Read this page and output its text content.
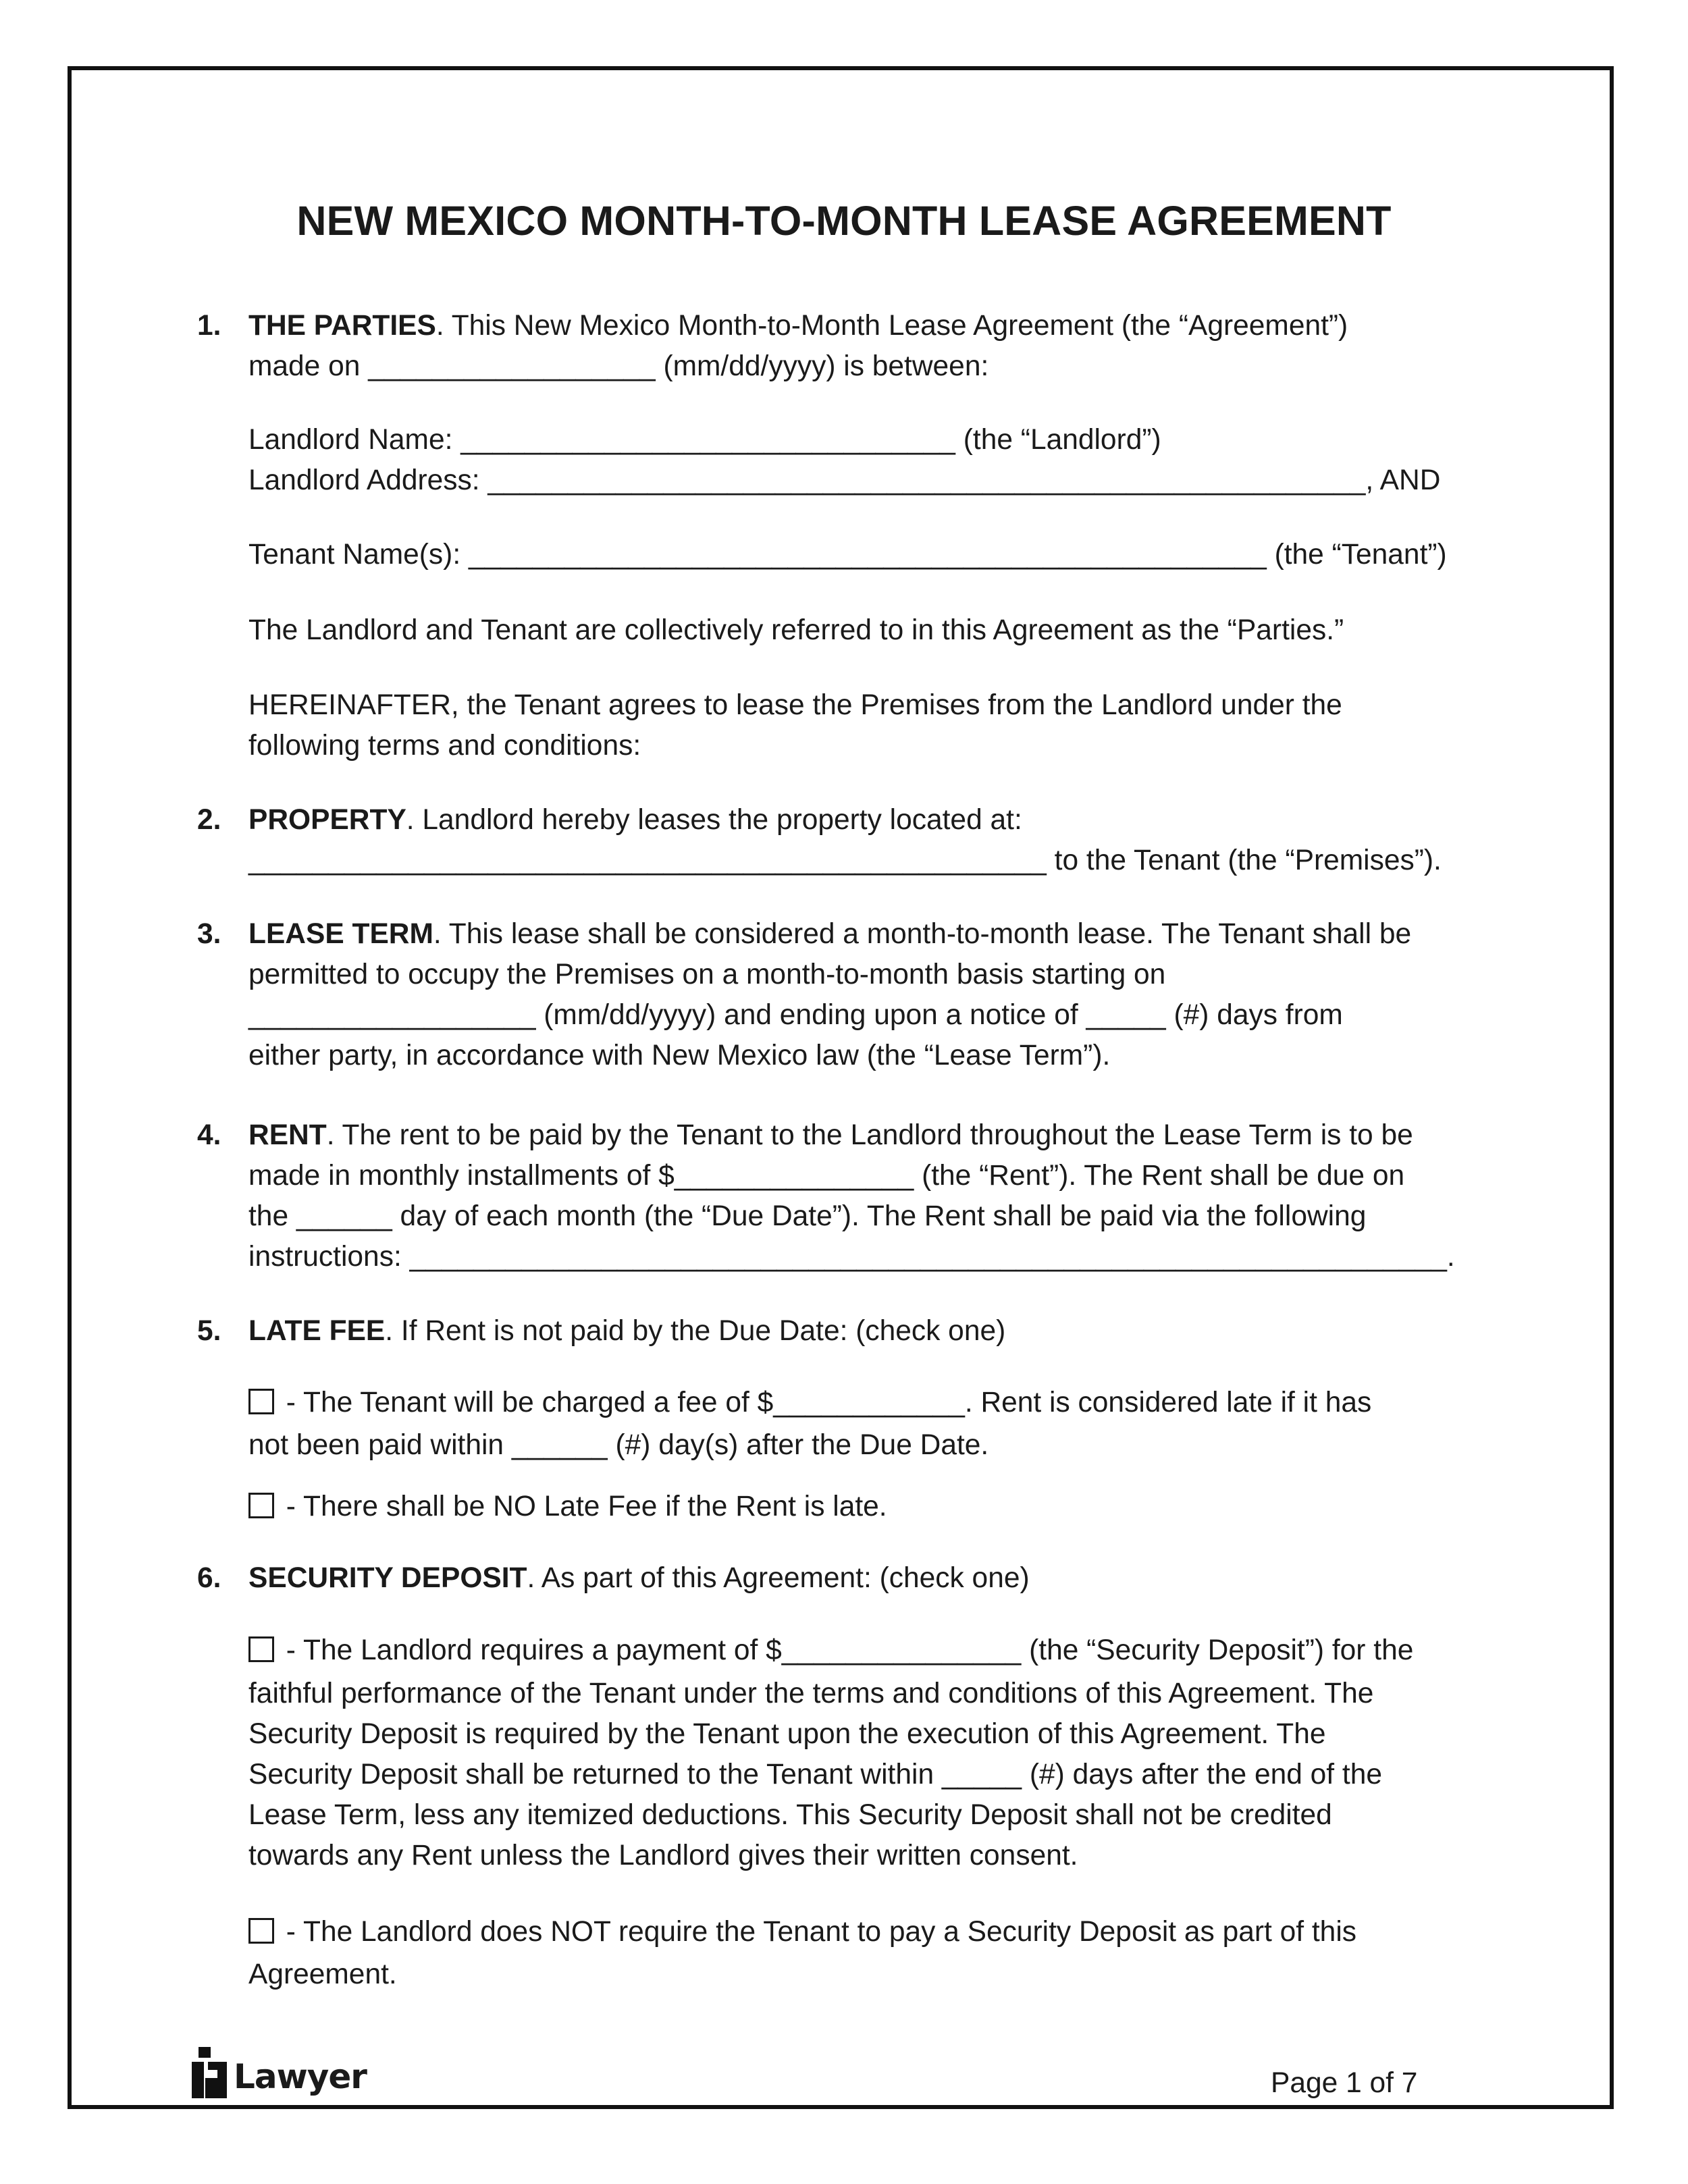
NEW MEXICO MONTH-TO-MONTH LEASE AGREEMENT
1. THE PARTIES. This New Mexico Month-to-Month Lease Agreement (the “Agreement”)
made on __________________ (mm/dd/yyyy) is between:
Landlord Name: _______________________________ (the “Landlord”)
Landlord Address: _______________________________________________________, AND
Tenant Name(s): __________________________________________________ (the “Tenant”)
The Landlord and Tenant are collectively referred to in this Agreement as the “Parties.”
HEREINAFTER, the Tenant agrees to lease the Premises from the Landlord under the
following terms and conditions:
2. PROPERTY. Landlord hereby leases the property located at:
__________________________________________________ to the Tenant (the “Premises”).
3. LEASE TERM. This lease shall be considered a month-to-month lease. The Tenant shall be
permitted to occupy the Premises on a month-to-month basis starting on
__________________ (mm/dd/yyyy) and ending upon a notice of _____ (#) days from
either party, in accordance with New Mexico law (the “Lease Term”).
4. RENT. The rent to be paid by the Tenant to the Landlord throughout the Lease Term is to be
made in monthly installments of $_______________ (the “Rent”). The Rent shall be due on
the ______ day of each month (the “Due Date”). The Rent shall be paid via the following
instructions: _________________________________________________________________.
5. LATE FEE. If Rent is not paid by the Due Date: (check one)
- The Tenant will be charged a fee of $____________. Rent is considered late if it has
not been paid within ______ (#) day(s) after the Due Date.
- There shall be NO Late Fee if the Rent is late.
6. SECURITY DEPOSIT. As part of this Agreement: (check one)
- The Landlord requires a payment of $_______________ (the “Security Deposit”) for the
faithful performance of the Tenant under the terms and conditions of this Agreement. The
Security Deposit is required by the Tenant upon the execution of this Agreement. The
Security Deposit shall be returned to the Tenant within _____ (#) days after the end of the
Lease Term, less any itemized deductions. This Security Deposit shall not be credited
towards any Rent unless the Landlord gives their written consent.
- The Landlord does NOT require the Tenant to pay a Security Deposit as part of this
Agreement.
Lawyer	Page 1 of 7
